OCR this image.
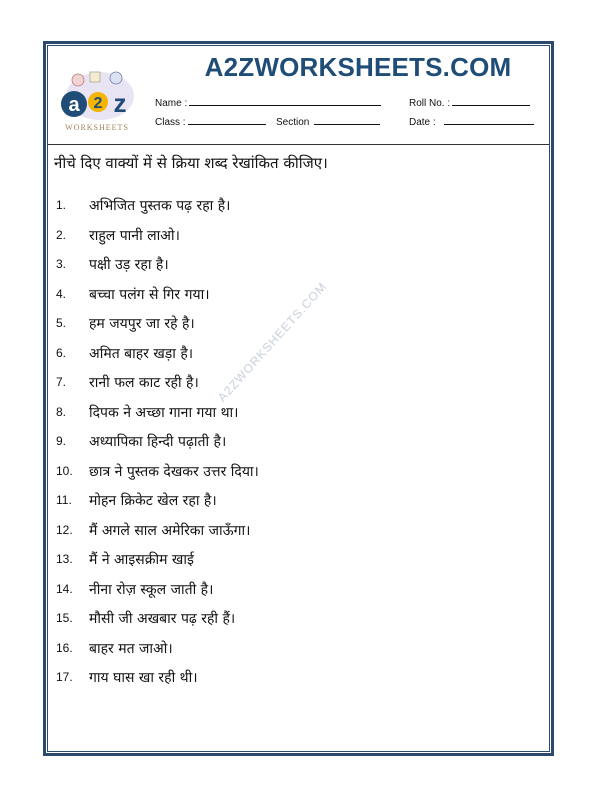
a 2 z
WORKSHEETS
A2ZWORKSHEETS.COM
Name :	Roll No. :
Class :	Section	Date :
A2ZWORKSHEETS.COM
नीचे दिए वाक्यों में से क्रिया शब्द रेखांकित कीजिए।
1.	अभिजित पुस्तक पढ़ रहा है।
2.	राहुल पानी लाओ।
3.	पक्षी उड़ रहा है।
4.	बच्चा पलंग से गिर गया।
5.	हम जयपुर जा रहे है।
6.	अमित बाहर खड़ा है।
7.	रानी फल काट रही है।
8.	दिपक ने अच्छा गाना गया था।
9.	अध्यापिका हिन्दी पढ़ाती है।
10.	छात्र ने पुस्तक देखकर उत्तर दिया।
11.	मोहन क्रिकेट खेल रहा है।
12.	मैं अगले साल अमेरिका जाऊँगा।
13.	मैं ने आइसक्रीम खाई
14.	नीना रोज़ स्कूल जाती है।
15.	मौसी जी अखबार पढ़ रही हैं।
16.	बाहर मत जाओ।
17.	गाय घास खा रही थी।
